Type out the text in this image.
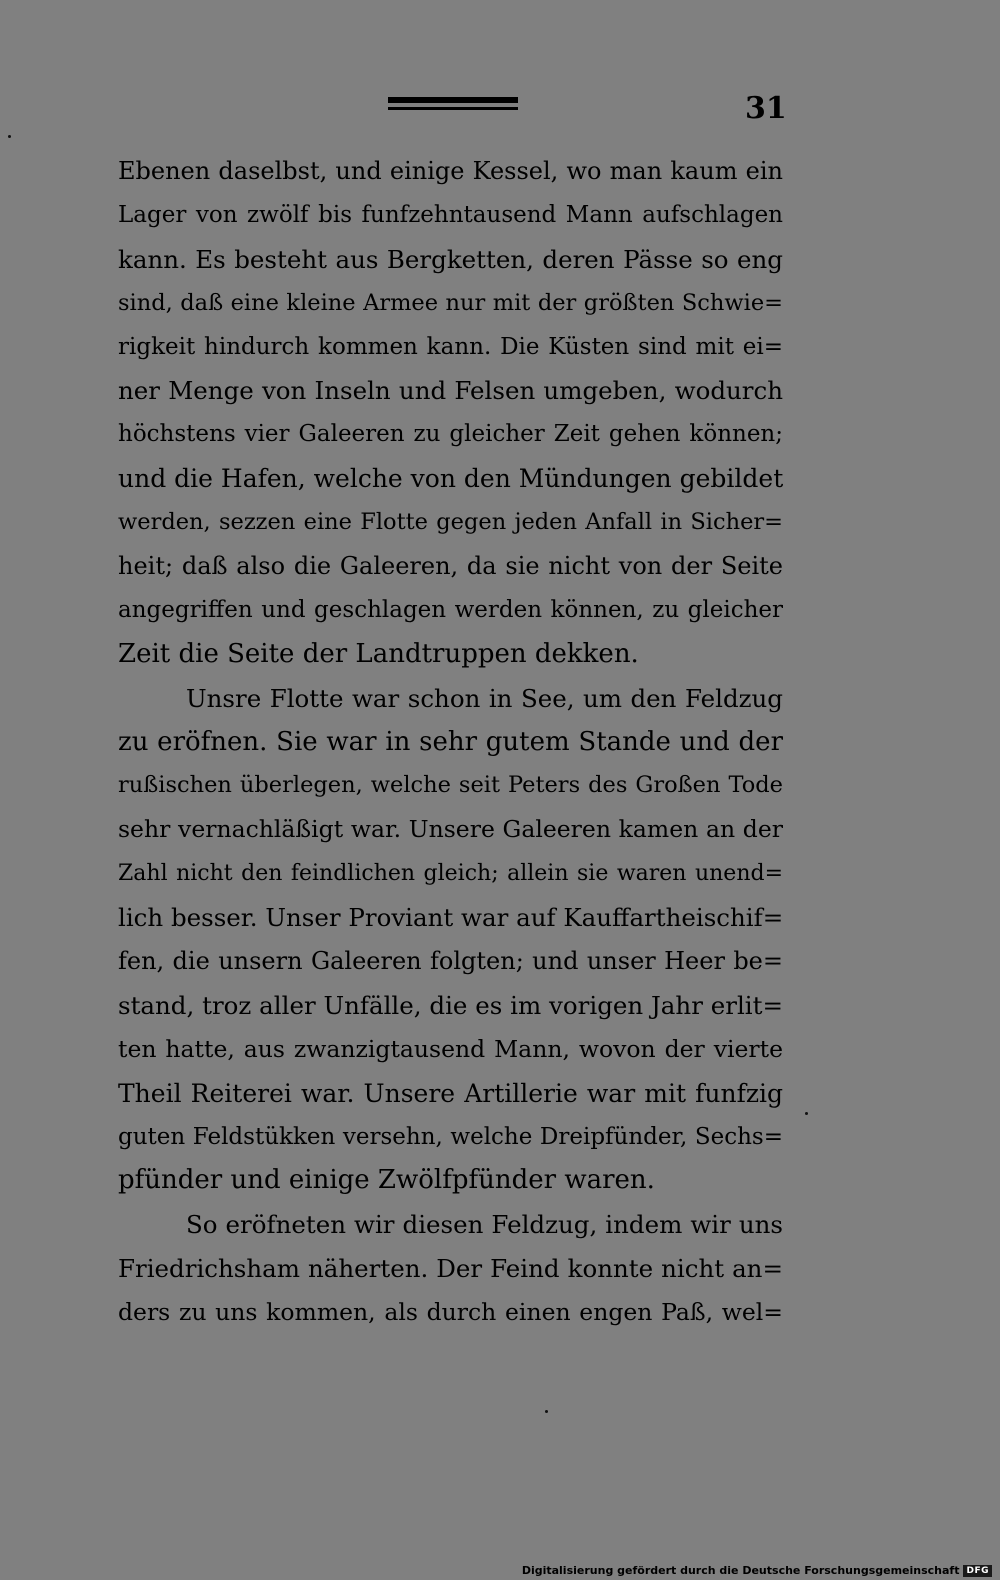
31
Ebenen daselbst, und einige Kessel, wo man kaum ein
Lager von zwölf bis funfzehntausend Mann aufschlagen
kann. Es besteht aus Bergketten, deren Pässe so eng
sind, daß eine kleine Armee nur mit der größten Schwie=
rigkeit hindurch kommen kann. Die Küsten sind mit ei=
ner Menge von Inseln und Felsen umgeben, wodurch
höchstens vier Galeeren zu gleicher Zeit gehen können;
und die Hafen, welche von den Mündungen gebildet
werden, sezzen eine Flotte gegen jeden Anfall in Sicher=
heit; daß also die Galeeren, da sie nicht von der Seite
angegriffen und geschlagen werden können, zu gleicher
Zeit die Seite der Landtruppen dekken.
Unsre Flotte war schon in See, um den Feldzug
zu eröfnen. Sie war in sehr gutem Stande und der
rußischen überlegen, welche seit Peters des Großen Tode
sehr vernachläßigt war. Unsere Galeeren kamen an der
Zahl nicht den feindlichen gleich; allein sie waren unend=
lich besser. Unser Proviant war auf Kauffartheischif=
fen, die unsern Galeeren folgten; und unser Heer be=
stand, troz aller Unfälle, die es im vorigen Jahr erlit=
ten hatte, aus zwanzigtausend Mann, wovon der vierte
Theil Reiterei war. Unsere Artillerie war mit funfzig
guten Feldstükken versehn, welche Dreipfünder, Sechs=
pfünder und einige Zwölfpfünder waren.
So eröfneten wir diesen Feldzug, indem wir uns
Friedrichsham näherten. Der Feind konnte nicht an=
ders zu uns kommen, als durch einen engen Paß, wel=
Digitalisierung gefördert durch die Deutsche Forschungsgemeinschaft DFG
